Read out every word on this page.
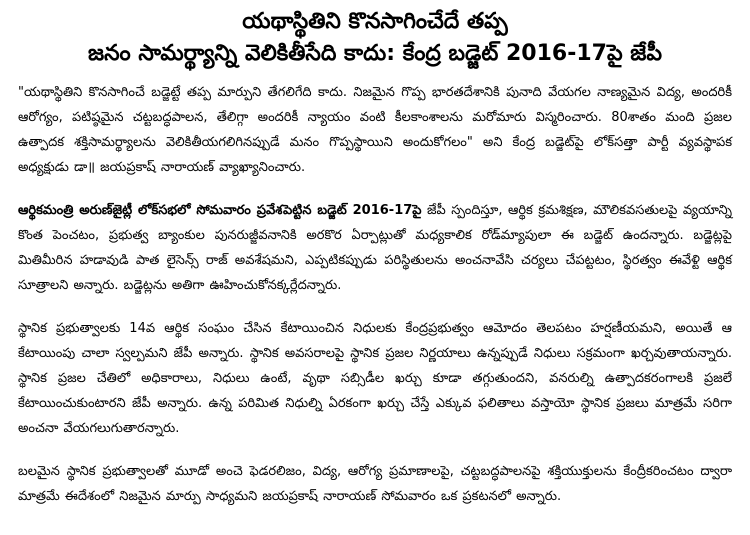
యథాస్థితిని కొనసాగించేదే తప్ప
జనం సామర్థ్యాన్ని వెలికితీసేది కాదు: కేంద్ర బడ్జెట్ 2016-17పై జేపీ

"యథాస్థితిని కొనసాగించే బడ్జెట్టే తప్ప మార్పుని తేగలిగేది కాదు. నిజమైన గొప్ప భారతదేశానికి పునాది వేయగల నాణ్యమైన విద్య, అందరికీ ఆరోగ్యం, పటిష్ఠమైన చట్టబద్ధపాలన, తేలిగ్గా అందరికీ న్యాయం వంటి కీలకాంశాలను మరోమారు విస్మరించారు. 80శాతం మంది ప్రజల ఉత్పాదక శక్తిసామర్థ్యాలను వెలికితీయగలిగినప్పుడే మనం గొప్పస్థాయిని అందుకోగలం" అని కేంద్ర బడ్జెట్‌పై లోక్‌సత్తా పార్టీ వ్యవస్థాపక అధ్యక్షుడు డా॥ జయప్రకాష్ నారాయణ్ వ్యాఖ్యానించారు.

ఆర్థికమంత్రి అరుణ్‌జైట్లీ లోక్‌సభలో సోమవారం ప్రవేశపెట్టిన బడ్జెట్ 2016-17పై జేపీ స్పందిస్తూ, ఆర్థిక క్రమశిక్షణ, మౌలికవసతులపై వ్యయాన్ని కొంత పెంచటం, ప్రభుత్వ బ్యాంకుల పునరుజ్జీవనానికి అరకొర ఏర్పాట్లుతో మధ్యకాలిక రోడ్‌మ్యాపులా ఈ బడ్జెట్ ఉందన్నారు. బడ్జెట్లపై మితిమీరిన హడావుడి పాత లైసెన్స్ రాజ్ అవశేషమని, ఎప్పటికప్పుడు పరిస్థితులను అంచనావేసి చర్యలు చేపట్టటం, స్థిరత్వం ఈవేళ్టి ఆర్థిక సూత్రాలని అన్నారు. బడ్జెట్లను అతిగా ఊహించుకోనక్కర్లేదన్నారు.

స్థానిక ప్రభుత్వాలకు 14వ ఆర్థిక సంఘం చేసిన కేటాయించిన నిధులకు కేంద్రప్రభుత్వం ఆమోదం తెలపటం హర్షణీయమని, అయితే ఆ కేటాయింపు చాలా స్వల్పమని జేపీ అన్నారు. స్థానిక అవసరాలపై స్థానిక ప్రజల నిర్ణయాలు ఉన్నప్పుడే నిధులు సక్రమంగా ఖర్చవుతాయన్నారు. స్థానిక ప్రజల చేతిలో అధికారాలు, నిధులు ఉంటే, వృథా సబ్సిడీల ఖర్చు కూడా తగ్గుతుందని, వనరుల్ని ఉత్పాదకరంగాలకి ప్రజలే కేటాయించుకుంటారని జేపీ అన్నారు. ఉన్న పరిమిత నిధుల్ని ఏరకంగా ఖర్చు చేస్తే ఎక్కువ ఫలితాలు వస్తాయో స్థానిక ప్రజలు మాత్రమే సరిగా అంచనా వేయగలుగుతారన్నారు.

బలమైన స్థానిక ప్రభుత్వాలతో మూడో అంచె ఫెడరలిజం, విద్య, ఆరోగ్య ప్రమాణాలపై, చట్టబద్ధపాలనపై శక్తియుక్తులను కేంద్రీకరించటం ద్వారా మాత్రమే ఈదేశంలో నిజమైన మార్పు సాధ్యమని జయప్రకాష్ నారాయణ్ సోమవారం ఒక ప్రకటనలో అన్నారు.
